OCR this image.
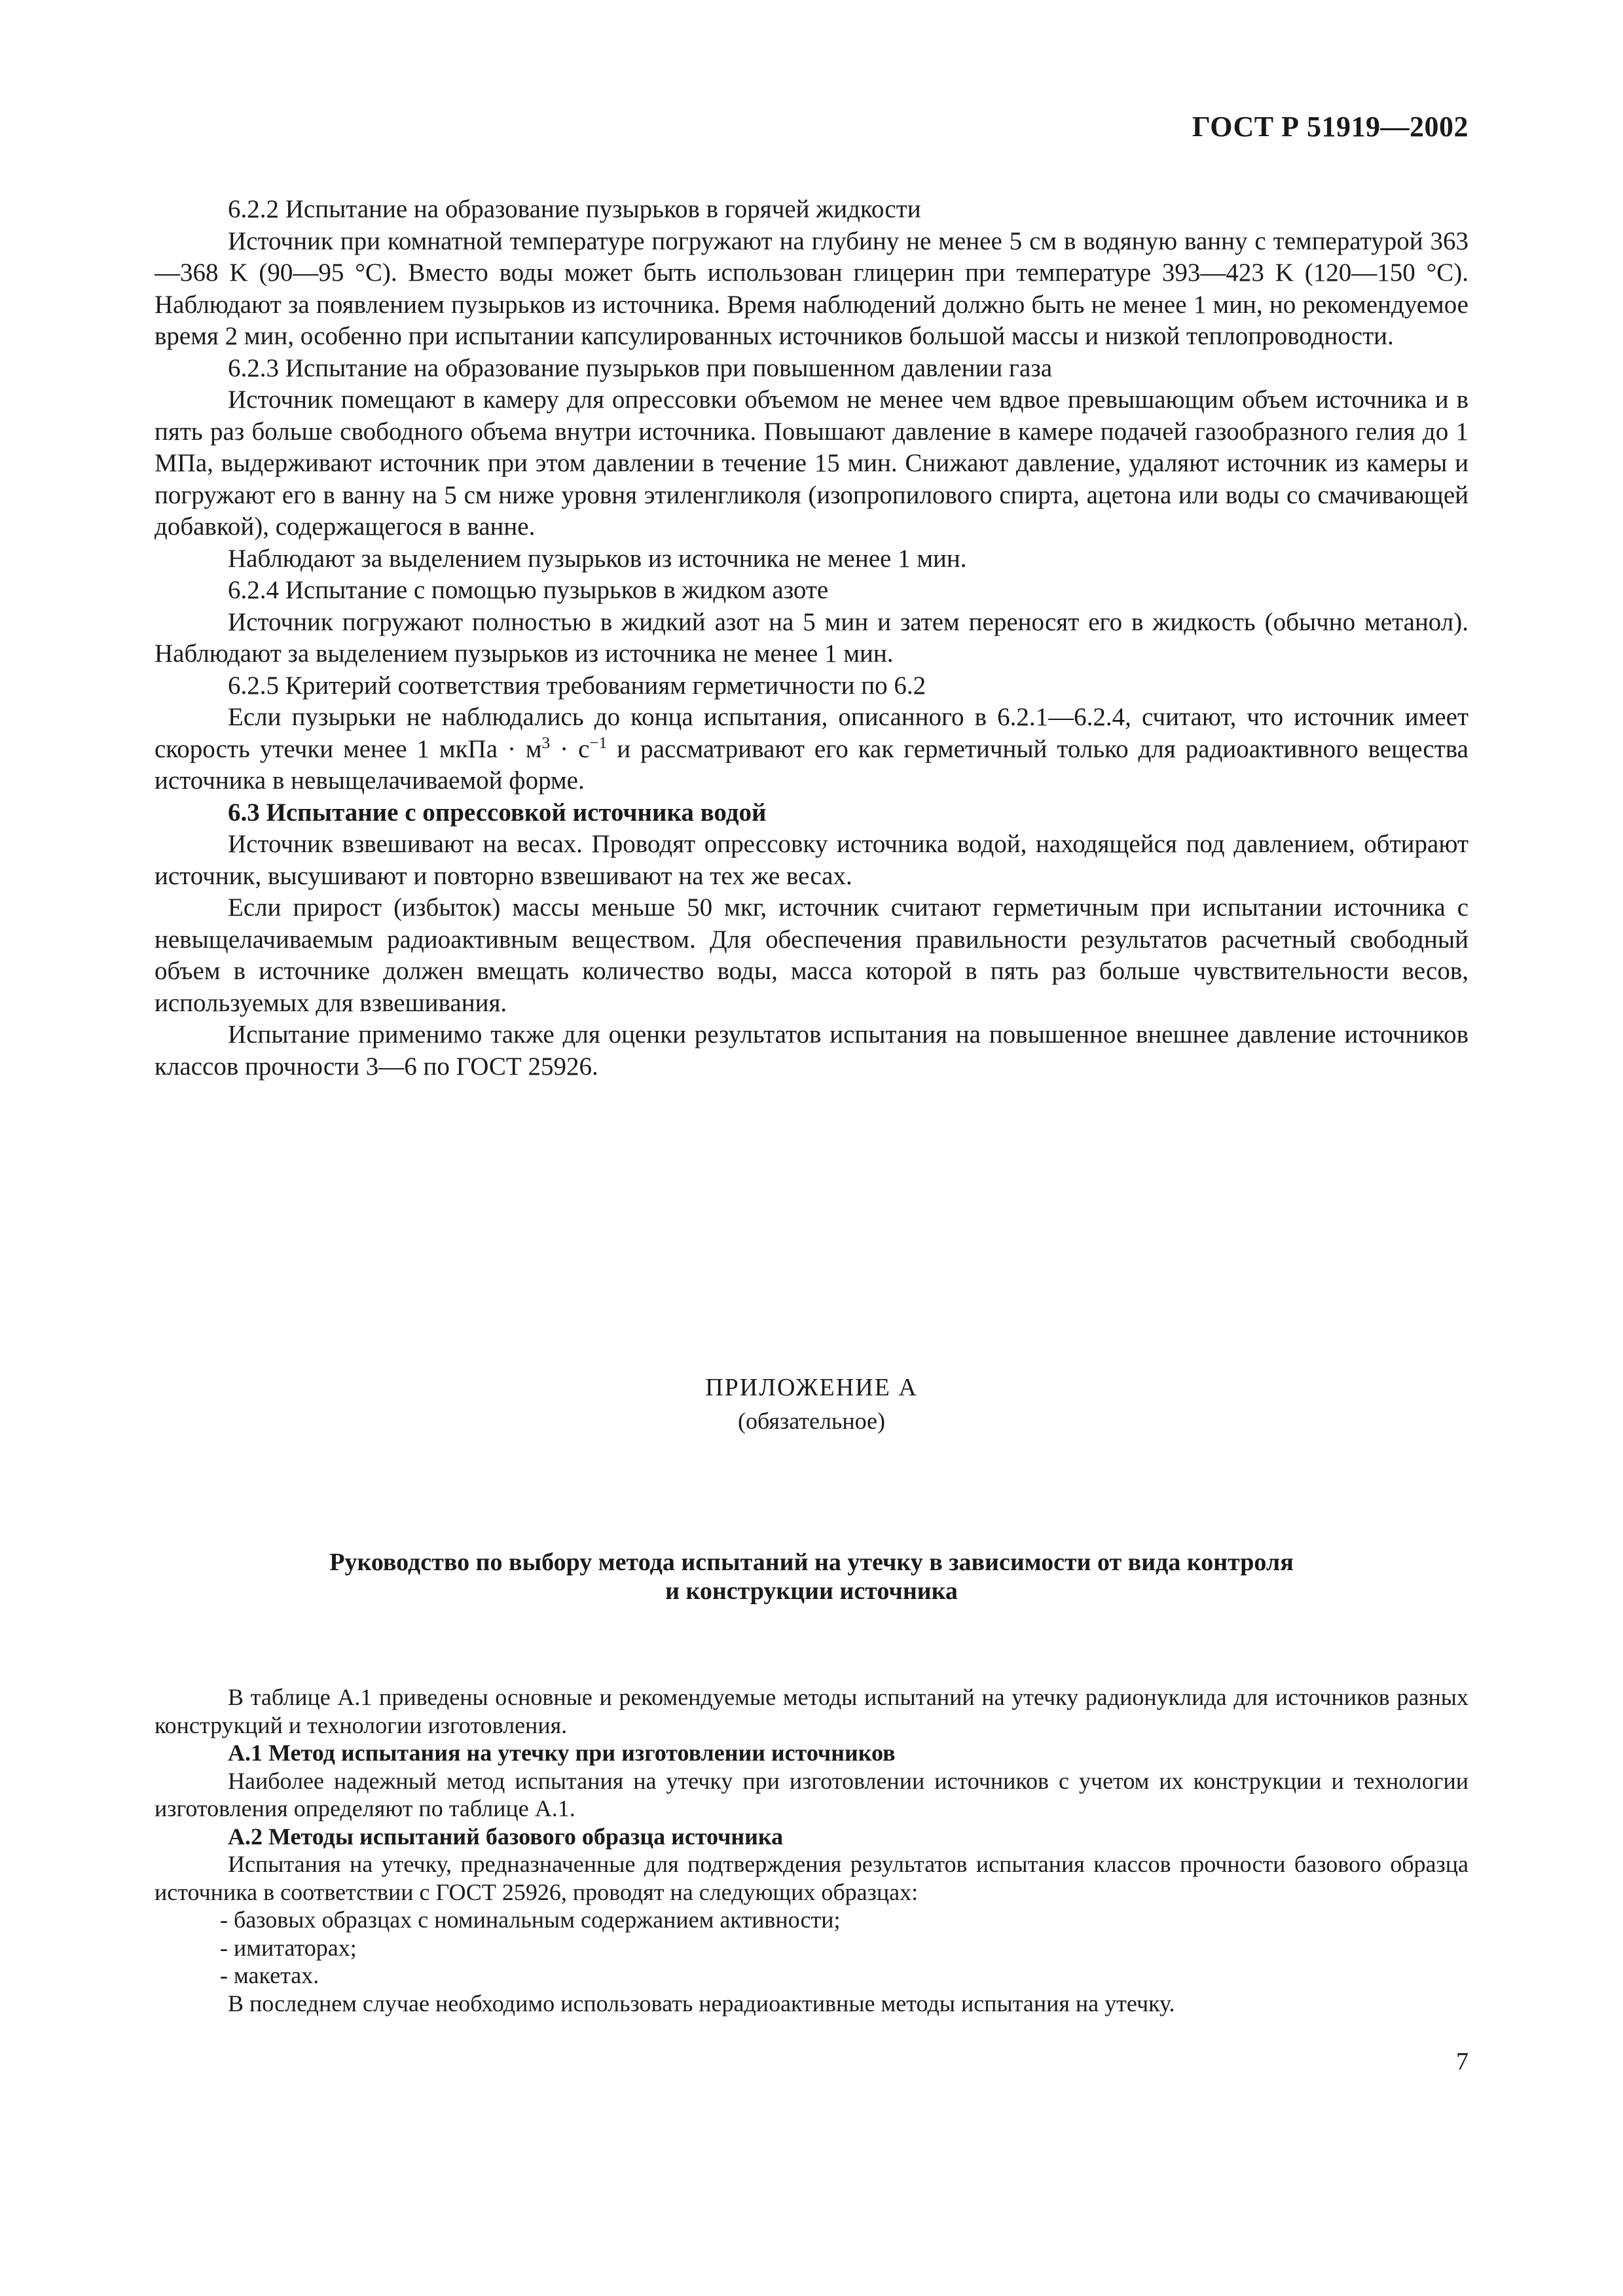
ГОСТ Р 51919—2002

6.2.2 Испытание на образование пузырьков в горячей жидкости

Источник при комнатной температуре погружают на глубину не менее 5 см в водяную ванну с температурой 363—368 K (90—95 °С). Вместо воды может быть использован глицерин при температуре 393—423 K (120—150 °С). Наблюдают за появлением пузырьков из источника. Время наблюдений должно быть не менее 1 мин, но рекомендуемое время 2 мин, особенно при испытании капсулированных источников большой массы и низкой теплопроводности.

6.2.3 Испытание на образование пузырьков при повышенном давлении газа

Источник помещают в камеру для опрессовки объемом не менее чем вдвое превышающим объем источника и в пять раз больше свободного объема внутри источника. Повышают давление в камере подачей газообразного гелия до 1 МПа, выдерживают источник при этом давлении в течение 15 мин. Снижают давление, удаляют источник из камеры и погружают его в ванну на 5 см ниже уровня этиленгликоля (изопропилового спирта, ацетона или воды со смачивающей добавкой), содержащегося в ванне.

Наблюдают за выделением пузырьков из источника не менее 1 мин.

6.2.4 Испытание с помощью пузырьков в жидком азоте

Источник погружают полностью в жидкий азот на 5 мин и затем переносят его в жидкость (обычно метанол). Наблюдают за выделением пузырьков из источника не менее 1 мин.

6.2.5 Критерий соответствия требованиям герметичности по 6.2

Если пузырьки не наблюдались до конца испытания, описанного в 6.2.1—6.2.4, считают, что источник имеет скорость утечки менее 1 мкПа · $м^3 \cdot с^{-1}$ и рассматривают его как герметичный только для радиоактивного вещества источника в невыщелачиваемой форме.

6.3 Испытание с опрессовкой источника водой

Источник взвешивают на весах. Проводят опрессовку источника водой, находящейся под давлением, обтирают источник, высушивают и повторно взвешивают на тех же весах.

Если прирост (избыток) массы меньше 50 мкг, источник считают герметичным при испытании источника с невыщелачиваемым радиоактивным веществом. Для обеспечения правильности результатов расчетный свободный объем в источнике должен вмещать количество воды, масса которой в пять раз больше чувствительности весов, используемых для взвешивания.

Испытание применимо также для оценки результатов испытания на повышенное внешнее давление источников классов прочности 3—6 по ГОСТ 25926.

ПРИЛОЖЕНИЕ А
(обязательное)
Руководство по выбору метода испытаний на утечку в зависимости от вида контроля
и конструкции источника

В таблице А.1 приведены основные и рекомендуемые методы испытаний на утечку радионуклида для источников разных конструкций и технологии изготовления.

А.1 Метод испытания на утечку при изготовлении источников

Наиболее надежный метод испытания на утечку при изготовлении источников с учетом их конструкции и технологии изготовления определяют по таблице А.1.

А.2 Методы испытаний базового образца источника

Испытания на утечку, предназначенные для подтверждения результатов испытания классов прочности базового образца источника в соответствии с ГОСТ 25926, проводят на следующих образцах:

- базовых образцах с номинальным содержанием активности;

- имитаторах;

- макетах.

В последнем случае необходимо использовать нерадиоактивные методы испытания на утечку.

7
